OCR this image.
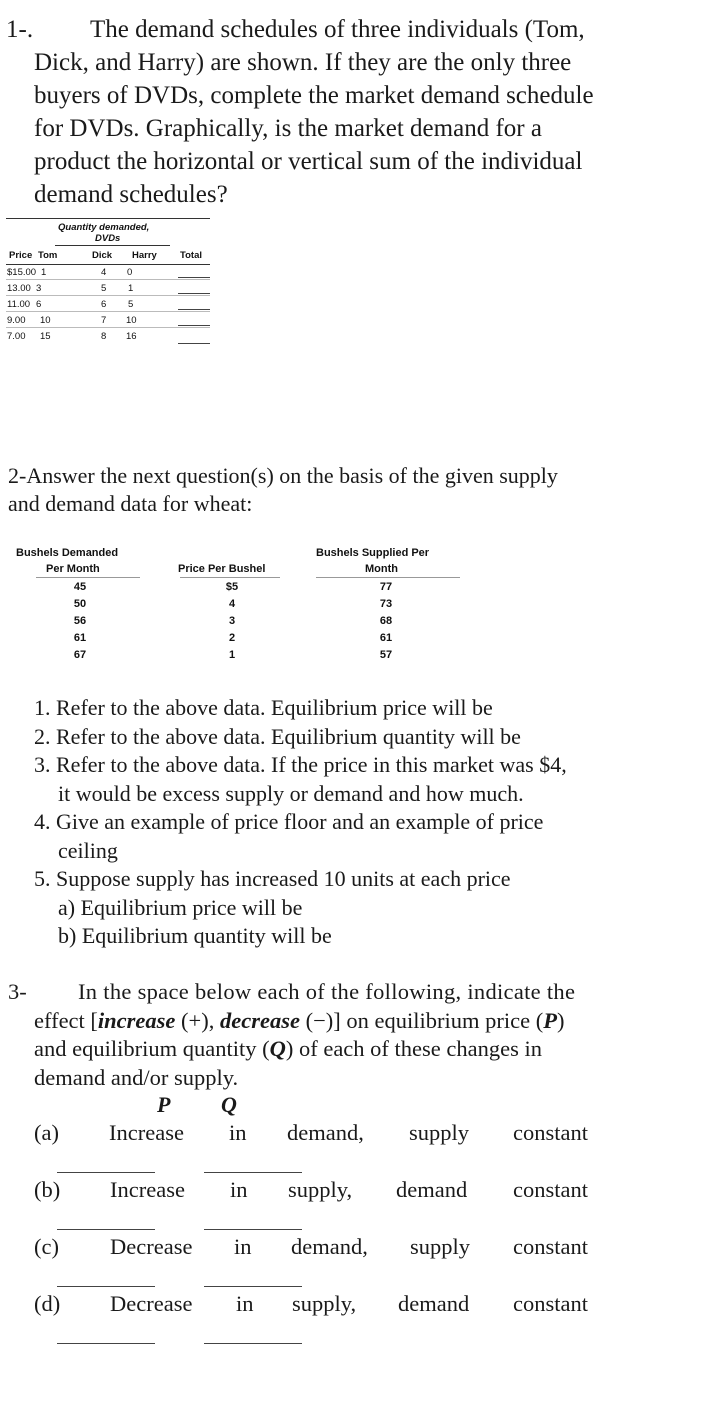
1-. The demand schedules of three individuals (Tom,
Dick, and Harry) are shown. If they are the only three
buyers of DVDs, complete the market demand schedule
for DVDs. Graphically, is the market demand for a
product the horizontal or vertical sum of the individual
demand schedules?
Quantity demanded,
DVDs
Price Tom	Dick Harry Total
$15.00 1	4 0
13.00 3	5 1
11.00 6	6 5
9.00 10	7 10
7.00 15	8 16
2-Answer the next question(s) on the basis of the given supply
and demand data for wheat:
Bushels Demanded
Per Month	Price Per Bushel
Bushels Supplied Per
Month
45	$5	77
50	4	73
56	3	68
61	2	61
67	1	57
1. Refer to the above data. Equilibrium price will be
2. Refer to the above data. Equilibrium quantity will be
3. Refer to the above data. If the price in this market was $4,
it would be excess supply or demand and how much.
4. Give an example of price floor and an example of price
ceiling
5. Suppose supply has increased 10 units at each price
a) Equilibrium price will be
b) Equilibrium quantity will be
3- In the space below each of the following, indicate the
effect [increase (+), decrease (−)] on equilibrium price (P)
and equilibrium quantity (Q) of each of these changes in
demand and/or supply.
P Q
(a) Increase in demand, supply constant
(b) Increase in supply, demand constant
(c) Decrease in demand, supply constant
(d) Decrease in supply, demand constant
